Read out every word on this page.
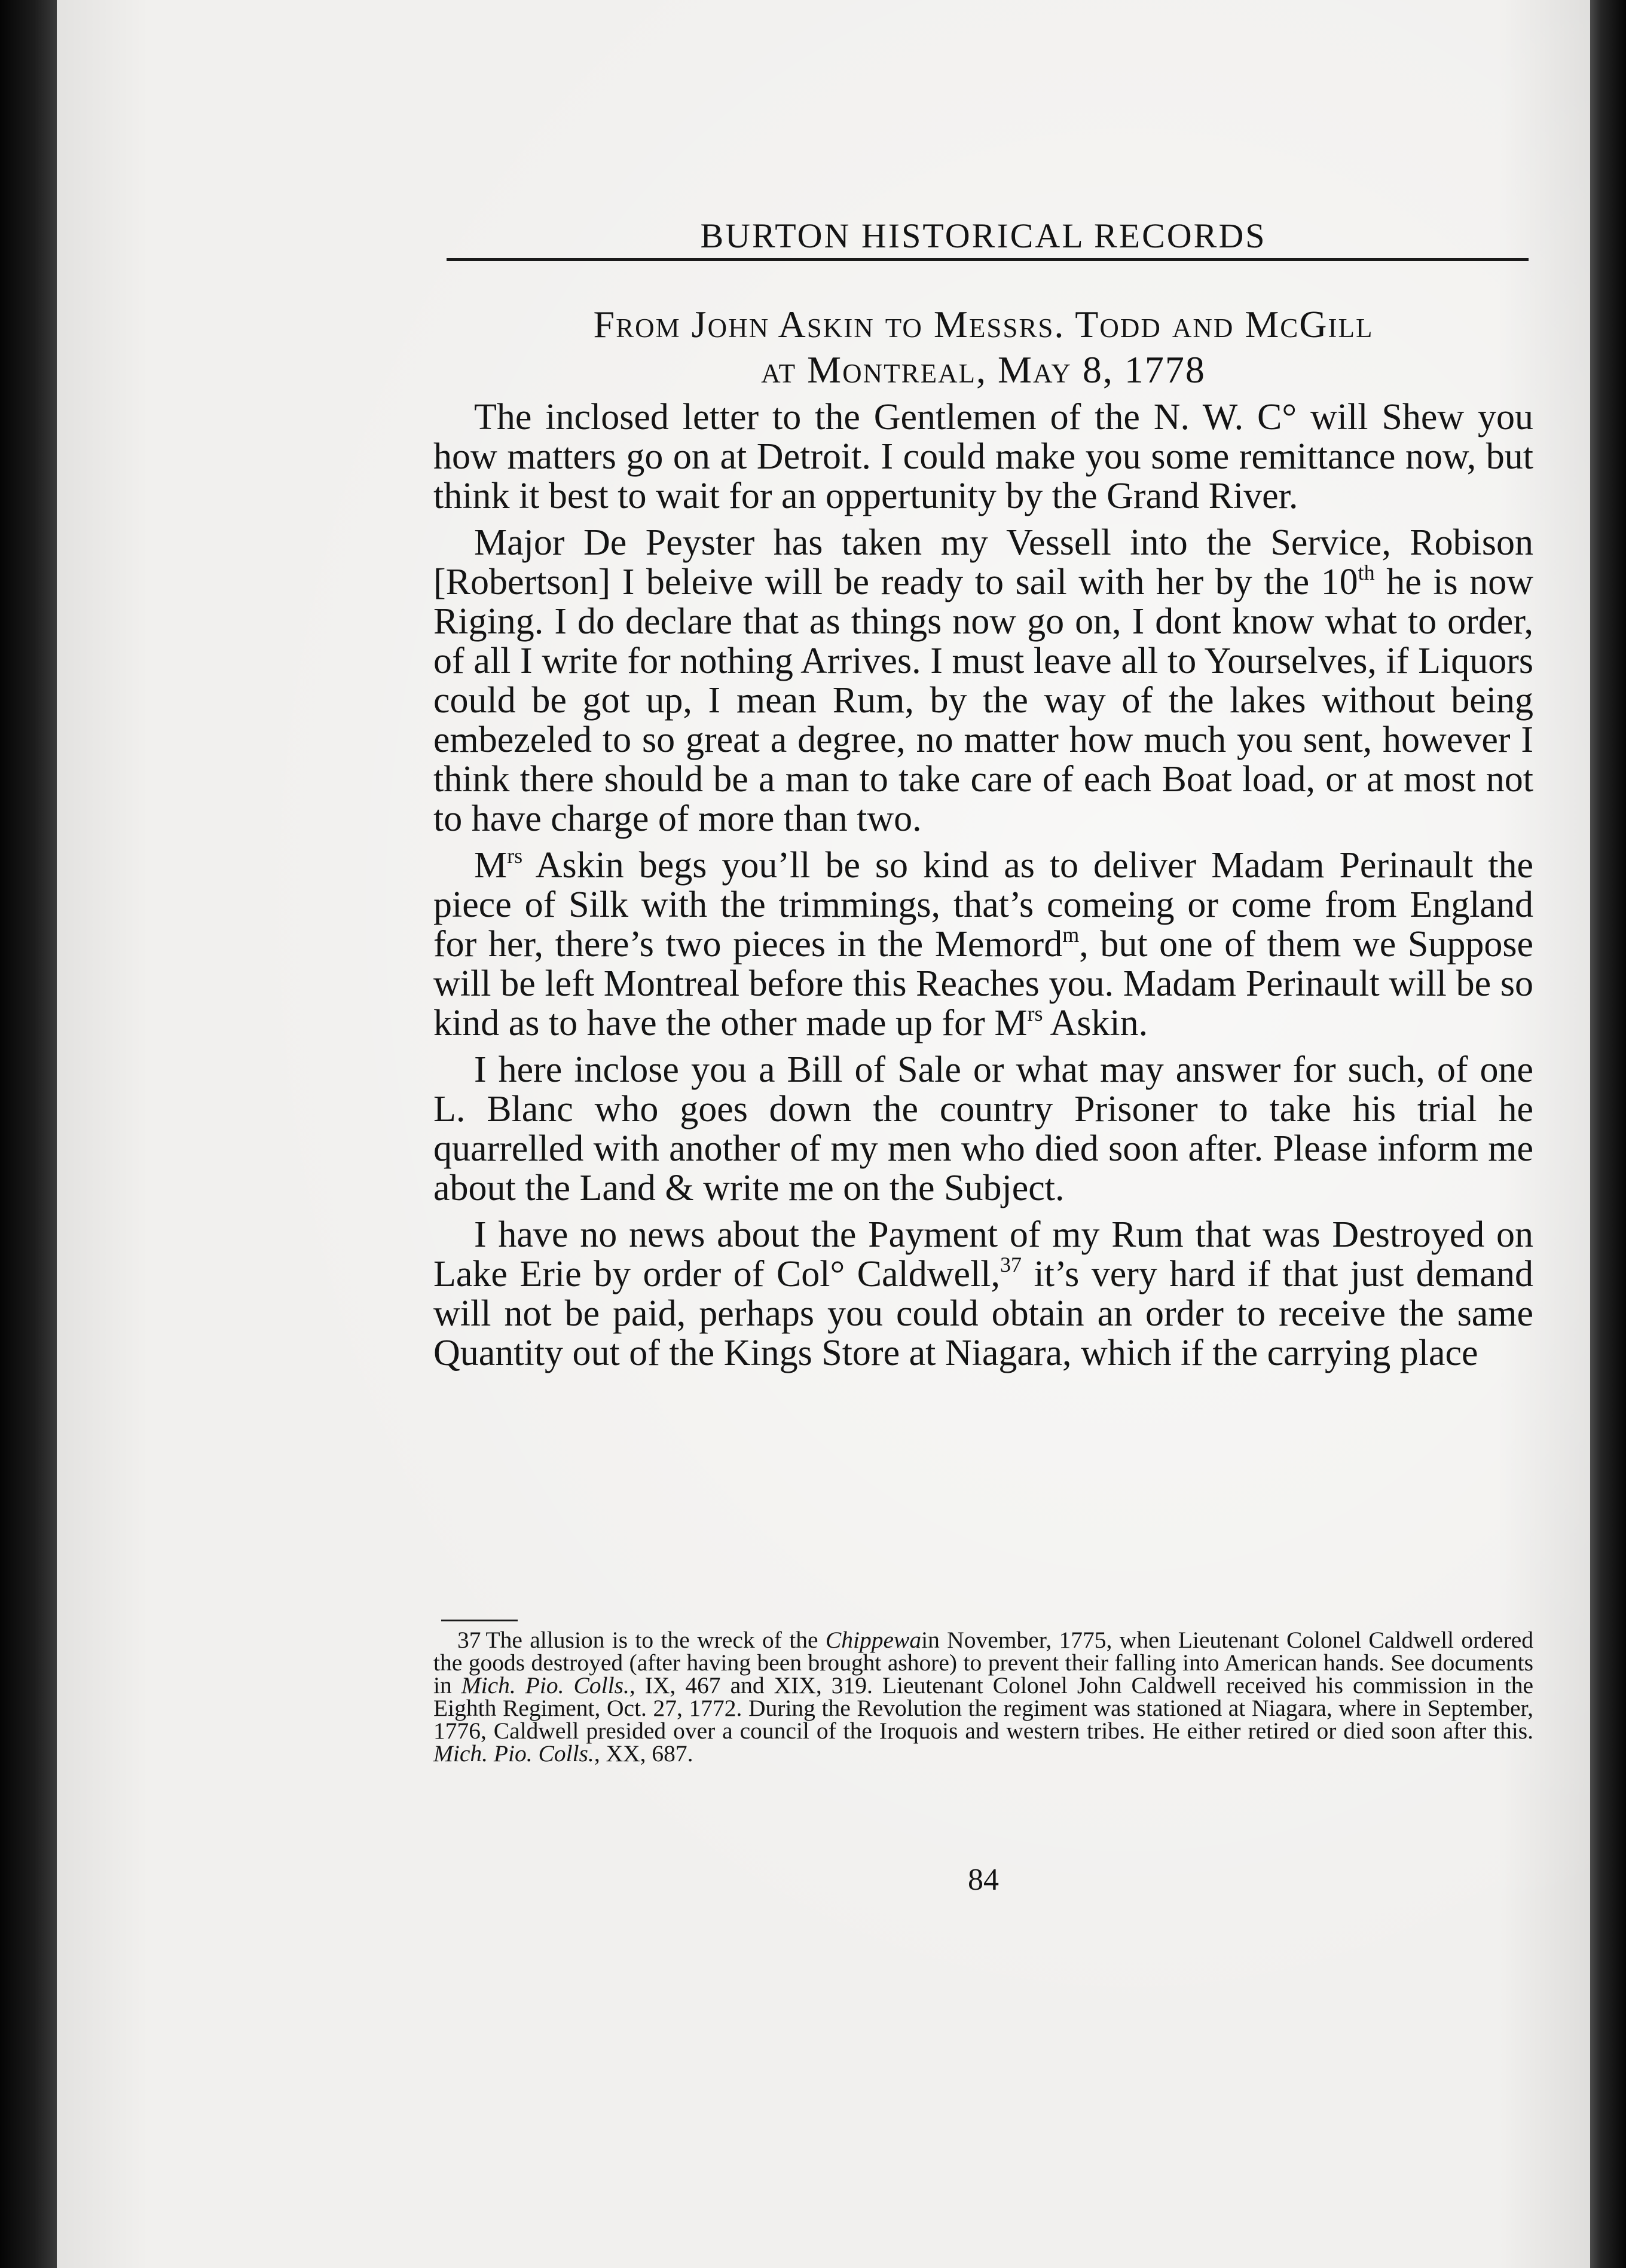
BURTON HISTORICAL RECORDS
From John Askin to Messrs. Todd and McGill
at Montreal, May 8, 1778

The inclosed letter to the Gentlemen of the N. W. C° will Shew you how matters go on at Detroit. I could make you some remittance now, but think it best to wait for an oppertunity by the Grand River.

Major De Peyster has taken my Vessell into the Service, Robison [Robertson] I beleive will be ready to sail with her by the 10th he is now Riging. I do declare that as things now go on, I dont know what to order, of all I write for nothing Arrives. I must leave all to Yourselves, if Liquors could be got up, I mean Rum, by the way of the lakes without being embezeled to so great a degree, no matter how much you sent, however I think there should be a man to take care of each Boat load, or at most not to have charge of more than two.

$M^{rs}$ Askin begs you’ll be so kind as to deliver Madam Perinault the piece of Silk with the trimmings, that’s comeing or come from England for her, there’s two pieces in the Memord$^m$, but one of them we Suppose will be left Montreal before this Reaches you. Madam Perinault will be so kind as to have the other made up for $M^{rs}$ Askin.

I here inclose you a Bill of Sale or what may answer for such, of one L. Blanc who goes down the country Prisoner to take his trial he quarrelled with another of my men who died soon after. Please inform me about the Land & write me on the Subject.

I have no news about the Payment of my Rum that was Destroyed on Lake Erie by order of Col° Caldwell,$^{37}$ it’s very hard if that just demand will not be paid, perhaps you could obtain an order to receive the same Quantity out of the Kings Store at Niagara, which if the carrying place

37 The allusion is to the wreck of the Chippewain November, 1775, when Lieutenant Colonel Caldwell ordered the goods destroyed (after having been brought ashore) to prevent their falling into American hands. See documents in Mich. Pio. Colls., IX, 467 and XIX, 319. Lieutenant Colonel John Caldwell received his commission in the Eighth Regiment, Oct. 27, 1772. During the Revolution the regiment was stationed at Niagara, where in September, 1776, Caldwell presided over a council of the Iroquois and western tribes. He either retired or died soon after this. Mich. Pio. Colls., XX, 687.

84
